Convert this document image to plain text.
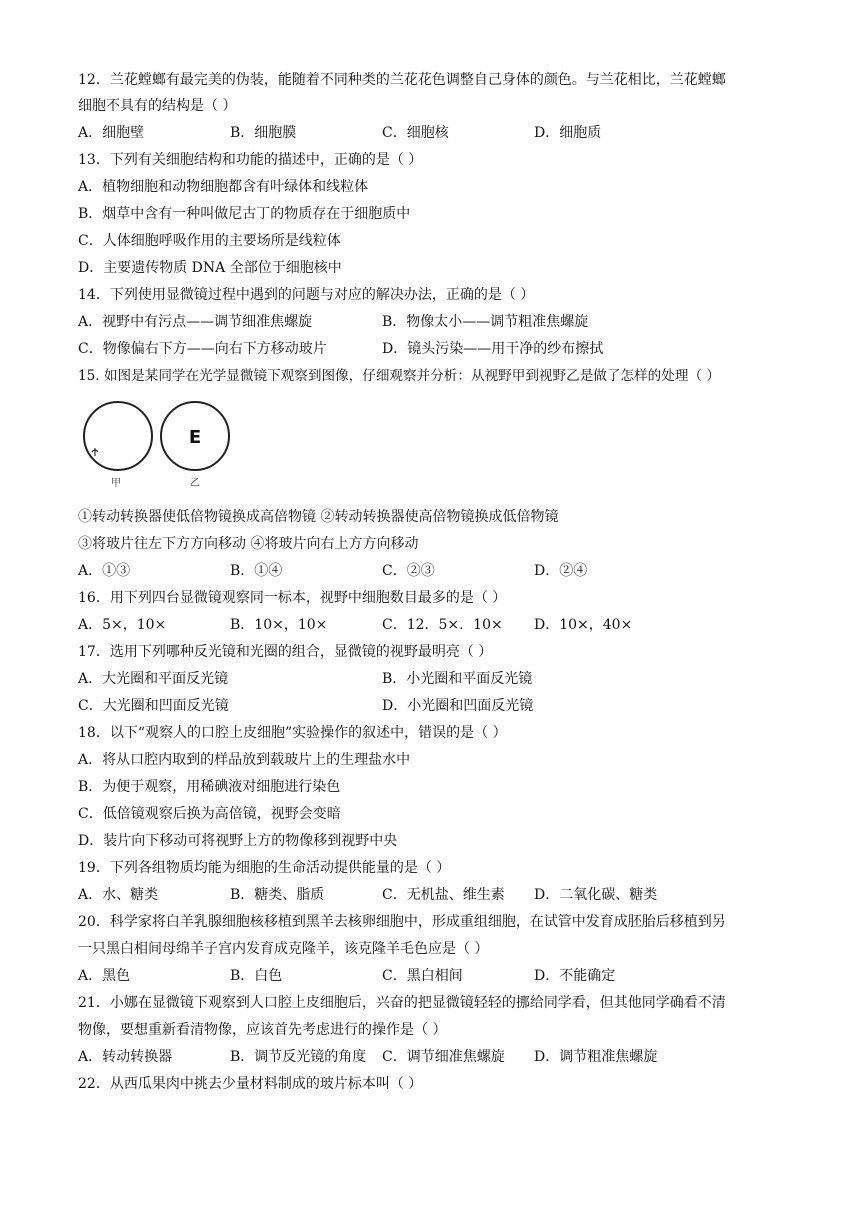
12．兰花螳螂有最完美的伪装，能随着不同种类的兰花花色调整自己身体的颜色。与兰花相比，兰花螳螂
细胞不具有的结构是（ ）
A．细胞壁	B．细胞膜	C．细胞核	D．细胞质
13．下列有关细胞结构和功能的描述中，正确的是（ ）
A．植物细胞和动物细胞都含有叶绿体和线粒体
B．烟草中含有一种叫做尼古丁的物质存在于细胞质中
C．人体细胞呼吸作用的主要场所是线粒体
D．主要遗传物质 DNA 全部位于细胞核中
14．下列使用显微镜过程中遇到的问题与对应的解决办法，正确的是（ ）
A．视野中有污点——调节细准焦螺旋	B．物像太小——调节粗准焦螺旋
C．物像偏右下方——向右下方移动玻片	D．镜头污染——用干净的纱布擦拭
15. 如图是某同学在光学显微镜下观察到图像，仔细观察并分析：从视野甲到视野乙是做了怎样的处理（ ）
E
甲	乙
①转动转换器使低倍物镜换成高倍物镜 ②转动转换器使高倍物镜换成低倍物镜
③将玻片往左下方方向移动 ④将玻片向右上方方向移动
A．①③	B．①④	C．②③	D．②④
16．用下列四台显微镜观察同一标本，视野中细胞数目最多的是（ ）
A．5×，10×	B．10×，10×	C．12．5×．10× D．10×，40×
17．选用下列哪种反光镜和光圈的组合，显微镜的视野最明亮（ ）
A．大光圈和平面反光镜	B．小光圈和平面反光镜
C．大光圈和凹面反光镜	D．小光圈和凹面反光镜
18．以下“观察人的口腔上皮细胞”实验操作的叙述中，错误的是（ ）
A．将从口腔内取到的样品放到载玻片上的生理盐水中
B．为便于观察，用稀碘液对细胞进行染色
C．低倍镜观察后换为高倍镜，视野会变暗
D．装片向下移动可将视野上方的物像移到视野中央
19．下列各组物质均能为细胞的生命活动提供能量的是（ ）
A．水、糖类	B．糖类、脂质	C．无机盐、维生素 D．二氧化碳、糖类
20．科学家将白羊乳腺细胞核移植到黑羊去核卵细胞中，形成重组细胞，在试管中发育成胚胎后移植到另
一只黑白相间母绵羊子宫内发育成克隆羊，该克隆羊毛色应是（ ）
A．黑色	B．白色	C．黑白相间	D．不能确定
21．小娜在显微镜下观察到人口腔上皮细胞后，兴奋的把显微镜轻轻的挪给同学看，但其他同学确看不清
物像，要想重新看清物像，应该首先考虑进行的操作是（ ）
A．转动转换器	B．调节反光镜的角度 C．调节细准焦螺旋 D．调节粗准焦螺旋
22．从西瓜果肉中挑去少量材料制成的玻片标本叫（ ）
